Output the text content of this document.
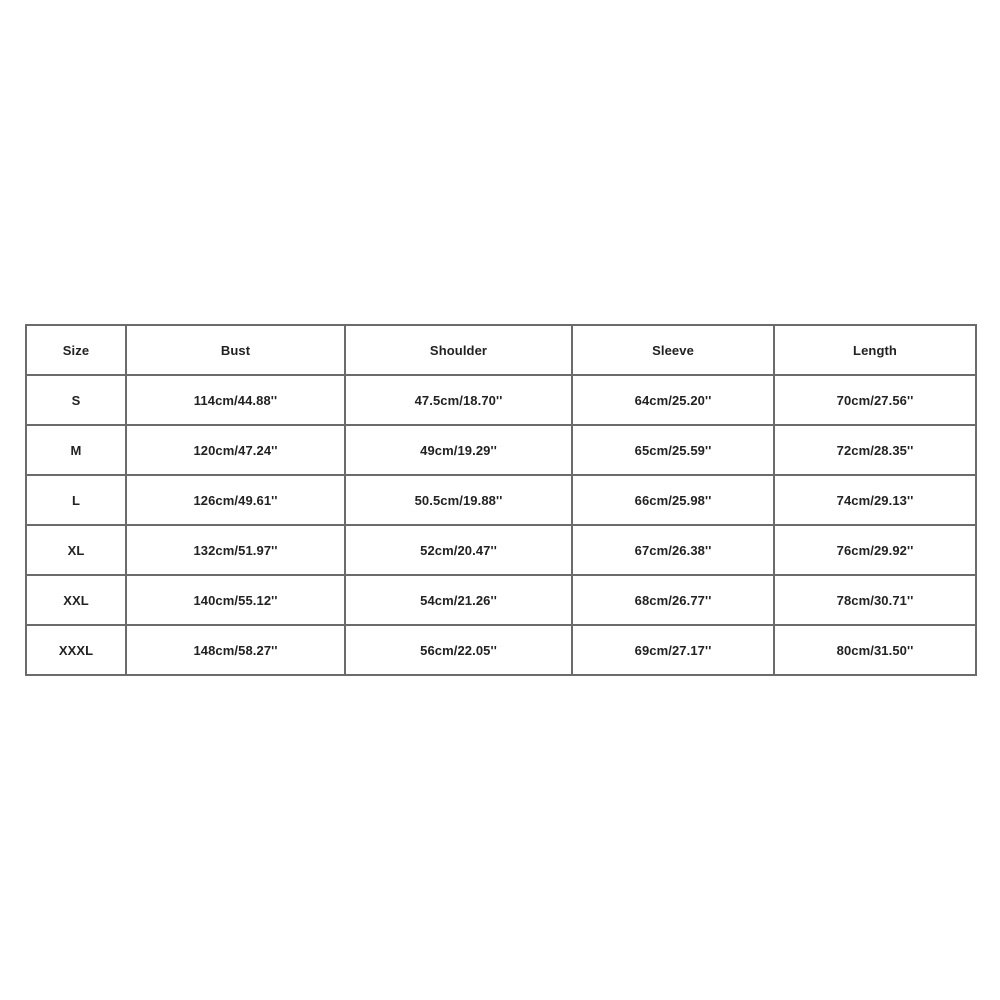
Size	Bust	Shoulder	Sleeve	Length
S	114cm/44.88''	47.5cm/18.70''	64cm/25.20''	70cm/27.56''
M	120cm/47.24''	49cm/19.29''	65cm/25.59''	72cm/28.35''
L	126cm/49.61''	50.5cm/19.88''	66cm/25.98''	74cm/29.13''
XL	132cm/51.97''	52cm/20.47''	67cm/26.38''	76cm/29.92''
XXL	140cm/55.12''	54cm/21.26''	68cm/26.77''	78cm/30.71''
XXXL	148cm/58.27''	56cm/22.05''	69cm/27.17''	80cm/31.50''
